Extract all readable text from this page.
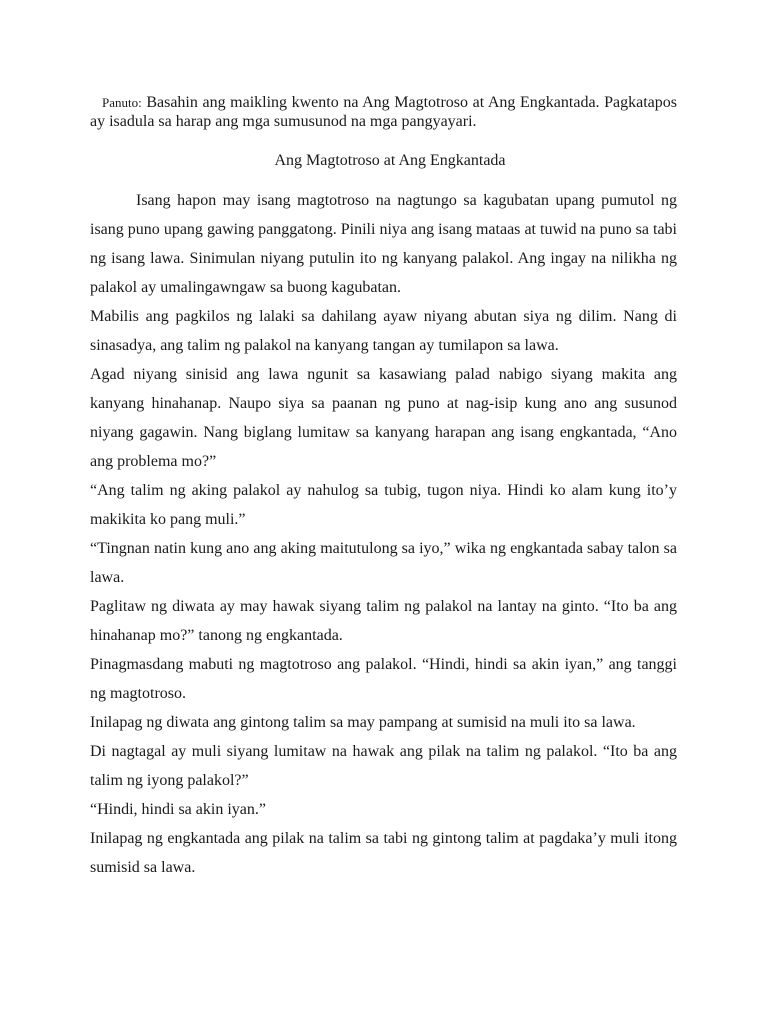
Panuto: Basahin ang maikling kwento na Ang Magtotroso at Ang Engkantada. Pagkatapos ay isadula sa harap ang mga sumusunod na mga pangyayari.
Ang Magtotroso at Ang Engkantada

Isang hapon may isang magtotroso na nagtungo sa kagubatan upang pumutol ng isang puno upang gawing panggatong. Pinili niya ang isang mataas at tuwid na puno sa tabi ng isang lawa. Sinimulan niyang putulin ito ng kanyang palakol. Ang ingay na nilikha ng palakol ay umalingawngaw sa buong kagubatan.

Mabilis ang pagkilos ng lalaki sa dahilang ayaw niyang abutan siya ng dilim. Nang di sinasadya, ang talim ng palakol na kanyang tangan ay tumilapon sa lawa.

Agad niyang sinisid ang lawa ngunit sa kasawiang palad nabigo siyang makita ang kanyang hinahanap. Naupo siya sa paanan ng puno at nag-isip kung ano ang susunod niyang gagawin. Nang biglang lumitaw sa kanyang harapan ang isang engkantada, “Ano ang problema mo?”

“Ang talim ng aking palakol ay nahulog sa tubig, tugon niya. Hindi ko alam kung ito’y makikita ko pang muli.”

“Tingnan natin kung ano ang aking maitutulong sa iyo,” wika ng engkantada sabay talon sa lawa.

Paglitaw ng diwata ay may hawak siyang talim ng palakol na lantay na ginto. “Ito ba ang hinahanap mo?” tanong ng engkantada.

Pinagmasdang mabuti ng magtotroso ang palakol. “Hindi, hindi sa akin iyan,” ang tanggi ng magtotroso.

Inilapag ng diwata ang gintong talim sa may pampang at sumisid na muli ito sa lawa.

Di nagtagal ay muli siyang lumitaw na hawak ang pilak na talim ng palakol. “Ito ba ang talim ng iyong palakol?”

“Hindi, hindi sa akin iyan.”

Inilapag ng engkantada ang pilak na talim sa tabi ng gintong talim at pagdaka’y muli itong sumisid sa lawa.
